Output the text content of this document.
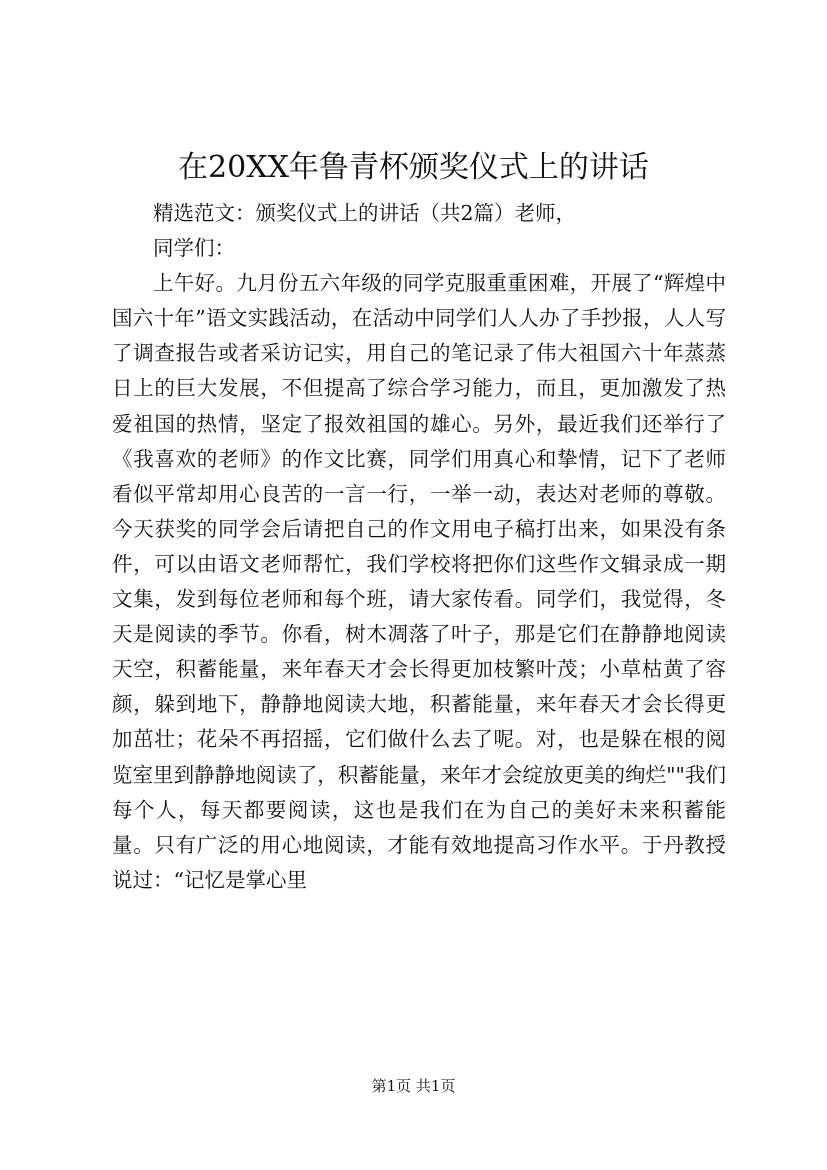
在20XX年鲁青杯颁奖仪式上的讲话

精选范文：颁奖仪式上的讲话（共2篇）老师，

同学们：

上午好。九月份五六年级的同学克服重重困难，开展了“辉煌中国六十年”语文实践活动，在活动中同学们人人办了手抄报，人人写了调查报告或者采访记实，用自己的笔记录了伟大祖国六十年蒸蒸日上的巨大发展，不但提高了综合学习能力，而且，更加激发了热爱祖国的热情，坚定了报效祖国的雄心。另外，最近我们还举行了《我喜欢的老师》的作文比赛，同学们用真心和挚情，记下了老师看似平常却用心良苦的一言一行，一举一动，表达对老师的尊敬。今天获奖的同学会后请把自己的作文用电子稿打出来，如果没有条件，可以由语文老师帮忙，我们学校将把你们这些作文辑录成一期文集，发到每位老师和每个班，请大家传看。同学们，我觉得，冬天是阅读的季节。你看，树木凋落了叶子，那是它们在静静地阅读天空，积蓄能量，来年春天才会长得更加枝繁叶茂；小草枯黄了容颜，躲到地下，静静地阅读大地，积蓄能量，来年春天才会长得更加茁壮；花朵不再招摇，它们做什么去了呢。对，也是躲在根的阅览室里到静静地阅读了，积蓄能量，来年才会绽放更美的绚烂""我们每个人，每天都要阅读，这也是我们在为自己的美好未来积蓄能量。只有广泛的用心地阅读，才能有效地提高习作水平。于丹教授说过：“记忆是掌心里

第1页 共1页
